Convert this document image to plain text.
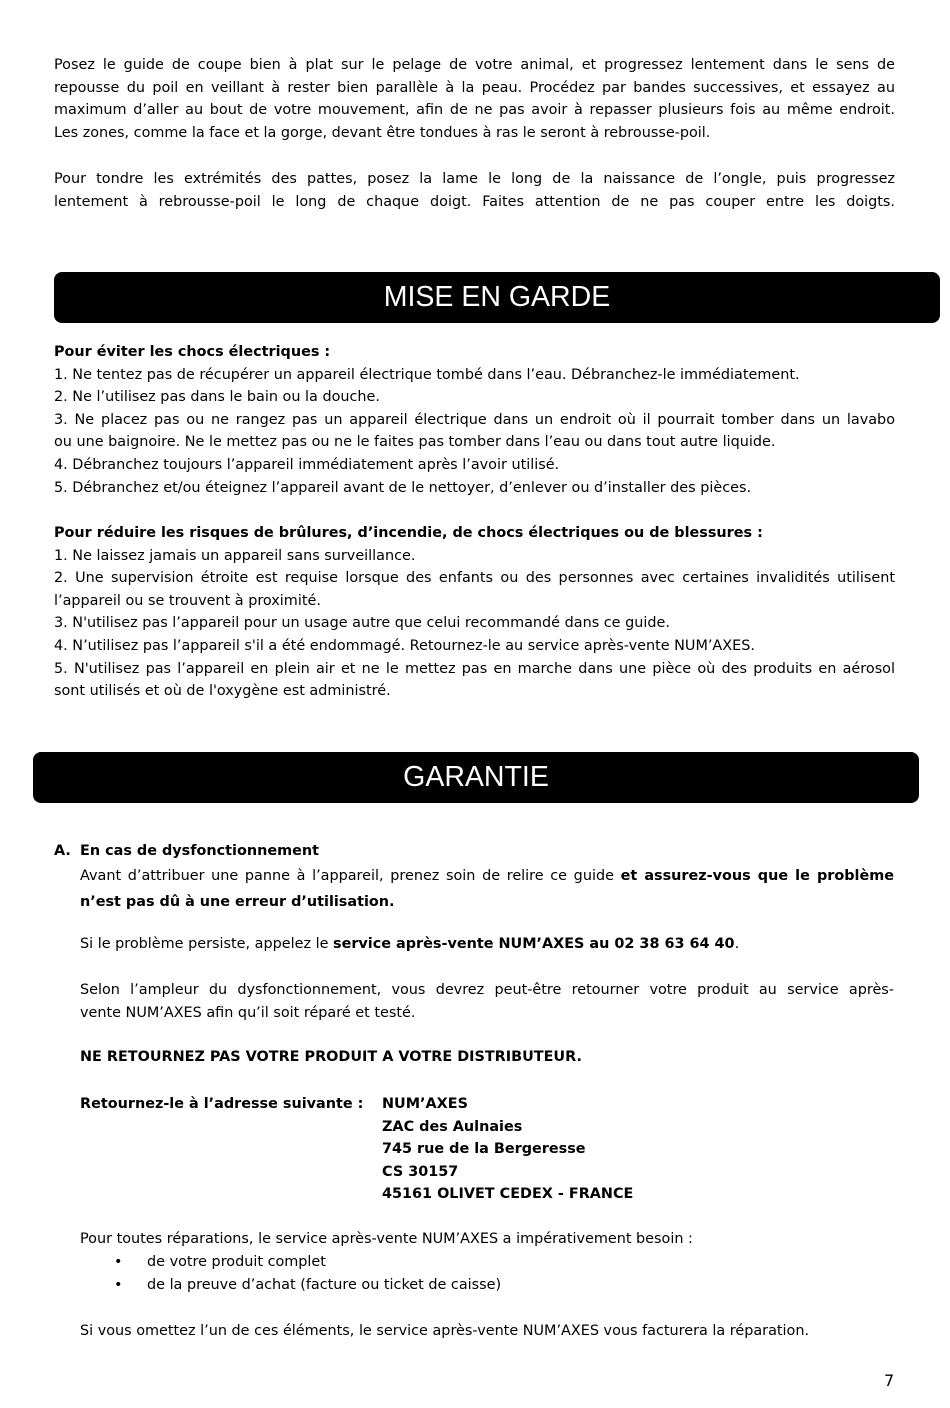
Posez le guide de coupe bien à plat sur le pelage de votre animal, et progressez lentement dans le sens de
repousse du poil en veillant à rester bien parallèle à la peau. Procédez par bandes successives, et essayez au
maximum d’aller au bout de votre mouvement, afin de ne pas avoir à repasser plusieurs fois au même endroit.
Les zones, comme la face et la gorge, devant être tondues à ras le seront à rebrousse-poil.
Pour tondre les extrémités des pattes, posez la lame le long de la naissance de l’ongle, puis progressez
lentement à rebrousse-poil le long de chaque doigt. Faites attention de ne pas couper entre les doigts.
MISE EN GARDE
Pour éviter les chocs électriques :
1. Ne tentez pas de récupérer un appareil électrique tombé dans l’eau. Débranchez-le immédiatement.
2. Ne l’utilisez pas dans le bain ou la douche.
3. Ne placez pas ou ne rangez pas un appareil électrique dans un endroit où il pourrait tomber dans un lavabo
ou une baignoire. Ne le mettez pas ou ne le faites pas tomber dans l’eau ou dans tout autre liquide.
4. Débranchez toujours l’appareil immédiatement après l’avoir utilisé.
5. Débranchez et/ou éteignez l’appareil avant de le nettoyer, d’enlever ou d’installer des pièces.
Pour réduire les risques de brûlures, d’incendie, de chocs électriques ou de blessures :
1. Ne laissez jamais un appareil sans surveillance.
2. Une supervision étroite est requise lorsque des enfants ou des personnes avec certaines invalidités utilisent
l’appareil ou se trouvent à proximité.
3. N'utilisez pas l’appareil pour un usage autre que celui recommandé dans ce guide.
4. N’utilisez pas l’appareil s'il a été endommagé. Retournez-le au service après-vente NUM’AXES.
5. N'utilisez pas l’appareil en plein air et ne le mettez pas en marche dans une pièce où des produits en aérosol
sont utilisés et où de l'oxygène est administré.
GARANTIE
A. En cas de dysfonctionnement
Avant d’attribuer une panne à l’appareil, prenez soin de relire ce guide et assurez-vous que le problème
n’est pas dû à une erreur d’utilisation.
Si le problème persiste, appelez le service après-vente NUM’AXES au 02 38 63 64 40.
Selon l’ampleur du dysfonctionnement, vous devrez peut-être retourner votre produit au service après-
vente NUM’AXES afin qu’il soit réparé et testé.
NE RETOURNEZ PAS VOTRE PRODUIT A VOTRE DISTRIBUTEUR.
Retournez-le à l’adresse suivante : NUM’AXES
ZAC des Aulnaies
745 rue de la Bergeresse
CS 30157
45161 OLIVET CEDEX - FRANCE
Pour toutes réparations, le service après-vente NUM’AXES a impérativement besoin :
• de votre produit complet
• de la preuve d’achat (facture ou ticket de caisse)
Si vous omettez l’un de ces éléments, le service après-vente NUM’AXES vous facturera la réparation.
7
